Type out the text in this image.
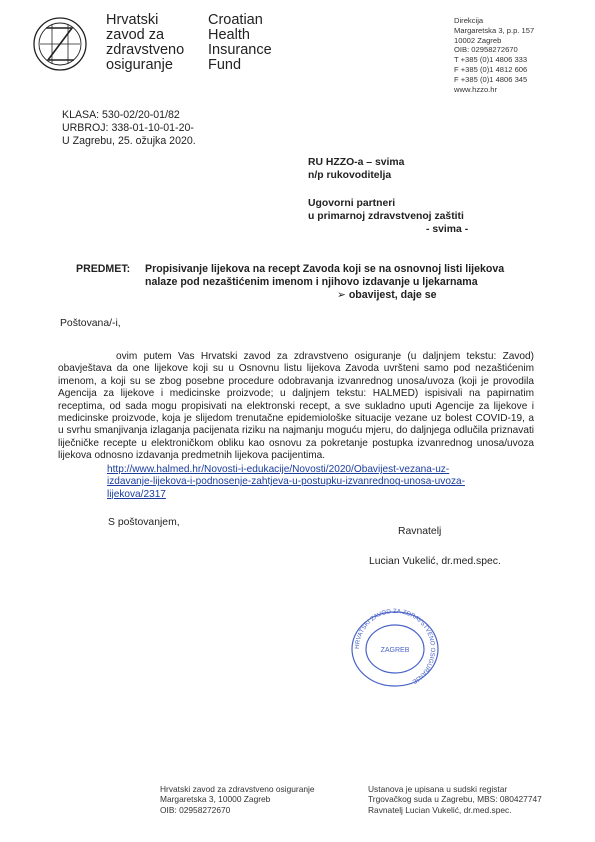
Hrvatski
zavod za
zdravstveno
osiguranje
Croatian
Health
Insurance
Fund
Direkcija
Margaretska 3, p.p. 157
10002 Zagreb
OIB: 02958272670
T +385 (0)1 4806 333
F +385 (0)1 4812 606
F +385 (0)1 4806 345
www.hzzo.hr
KLASA: 530-02/20-01/82
URBROJ: 338-01-10-01-20-
U Zagrebu, 25. ožujka 2020.
RU HZZO-a – svima
n/p rukovoditelja
Ugovorni partneri
u primarnoj zdravstvenoj zaštiti
- svima -
PREDMET: Propisivanje lijekova na recept Zavoda koji se na osnovnoj listi lijekova
nalaze pod nezaštićenim imenom i njihovo izdavanje u ljekarnama
➢ obavijest, daje se
Poštovana/-i,

ovim putem Vas Hrvatski zavod za zdravstveno osiguranje (u daljnjem tekstu: Zavod) obavještava da one lijekove koji su u Osnovnu listu lijekova Zavoda uvršteni samo pod nezaštićenim imenom, a koji su se zbog posebne procedure odobravanja izvanrednog unosa/uvoza (koji je provodila Agencija za lijekove i medicinske proizvode; u daljnjem tekstu: HALMED) ispisivali na papirnatim receptima, od sada mogu propisivati na elektronski recept, a sve sukladno uputi Agencije za lijekove i medicinske proizvode, koja je slijedom trenutačne epidemiološke situacije vezane uz bolest COVID-19, a u svrhu smanjivanja izlaganja pacijenata riziku na najmanju moguću mjeru, do daljnjega odlučila priznavati liječničke recepte u elektroničkom obliku kao osnovu za pokretanje postupka izvanrednog unosa/uvoza lijekova odnosno izdavanja predmetnih lijekova pacijentima.

http://www.halmed.hr/Novosti-i-edukacije/Novosti/2020/Obavijest-vezana-uz-izdavanje-lijekova-i-podnosenje-zahtjeva-u-postupku-izvanrednog-unosa-uvoza-lijekova/2317
S poštovanjem,
Ravnatelj
Lucian Vukelić, dr.med.spec.
HRVATSKI ZAVOD ZA ZDRAVSTVENO OSIGURANJE
ZAGREB
Hrvatski zavod za zdravstveno osiguranje
Margaretska 3, 10000 Zagreb
OIB: 02958272670
Ustanova je upisana u sudski registar
Trgovačkog suda u Zagrebu, MBS: 080427747
Ravnatelj Lucian Vukelić, dr.med.spec.
